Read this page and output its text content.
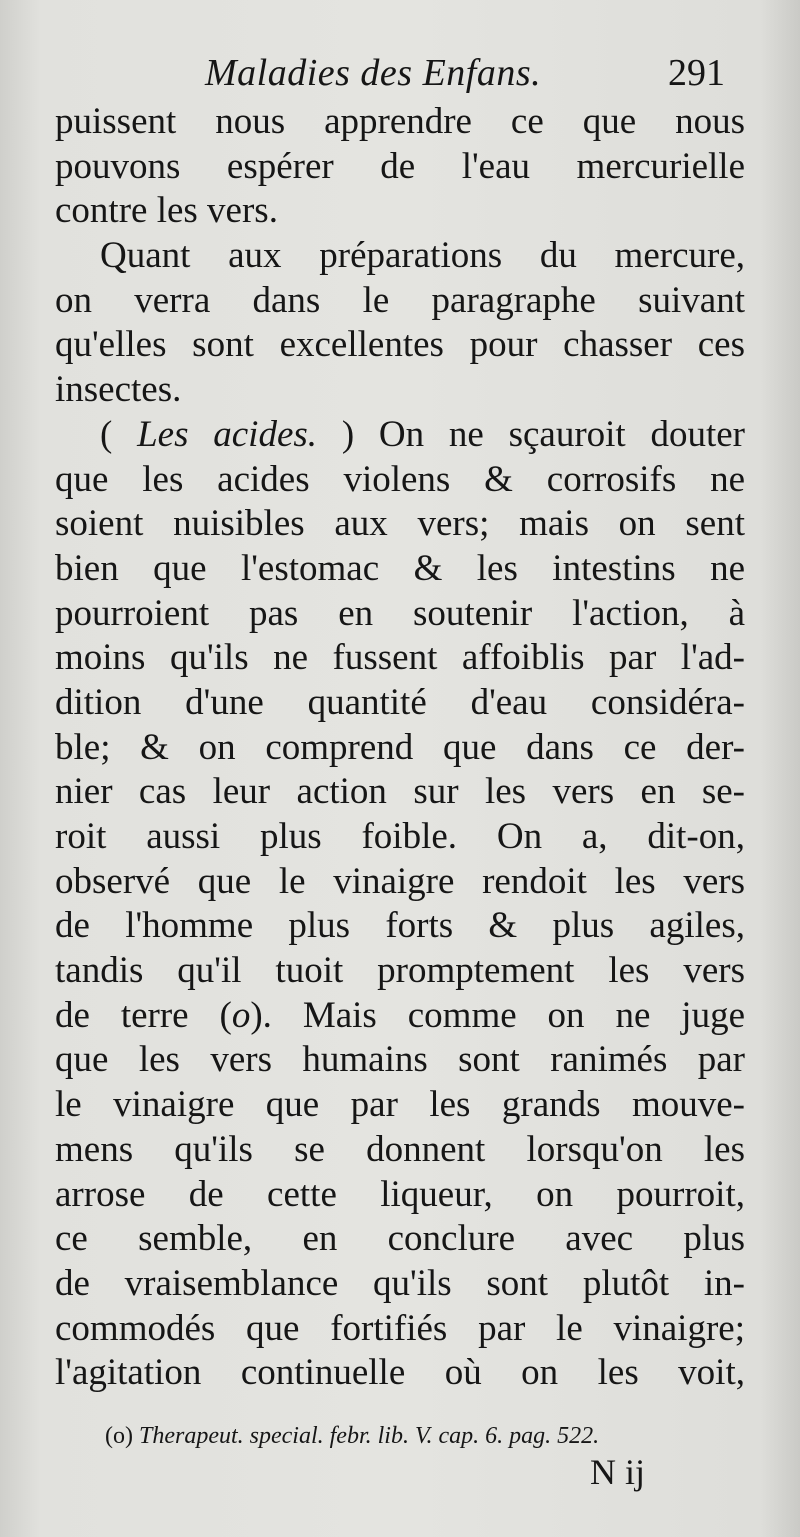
Maladies des Enfans.	291
puissent nous apprendre ce que nous
pouvons espérer de l'eau mercurielle
contre les vers.
Quant aux préparations du mercure,
on verra dans le paragraphe suivant
qu'elles sont excellentes pour chasser ces
insectes.
( Les acides. ) On ne sçauroit douter
que les acides violens & corrosifs ne
soient nuisibles aux vers; mais on sent
bien que l'estomac & les intestins ne
pourroient pas en soutenir l'action, à
moins qu'ils ne fussent affoiblis par l'ad-
dition d'une quantité d'eau considéra-
ble; & on comprend que dans ce der-
nier cas leur action sur les vers en se-
roit aussi plus foible. On a, dit-on,
observé que le vinaigre rendoit les vers
de l'homme plus forts & plus agiles,
tandis qu'il tuoit promptement les vers
de terre (o). Mais comme on ne juge
que les vers humains sont ranimés par
le vinaigre que par les grands mouve-
mens qu'ils se donnent lorsqu'on les
arrose de cette liqueur, on pourroit,
ce semble, en conclure avec plus
de vraisemblance qu'ils sont plutôt in-
commodés que fortifiés par le vinaigre;
l'agitation continuelle où on les voit,
(o) Therapeut. special. febr. lib. V. cap. 6. pag. 522.
N ij
